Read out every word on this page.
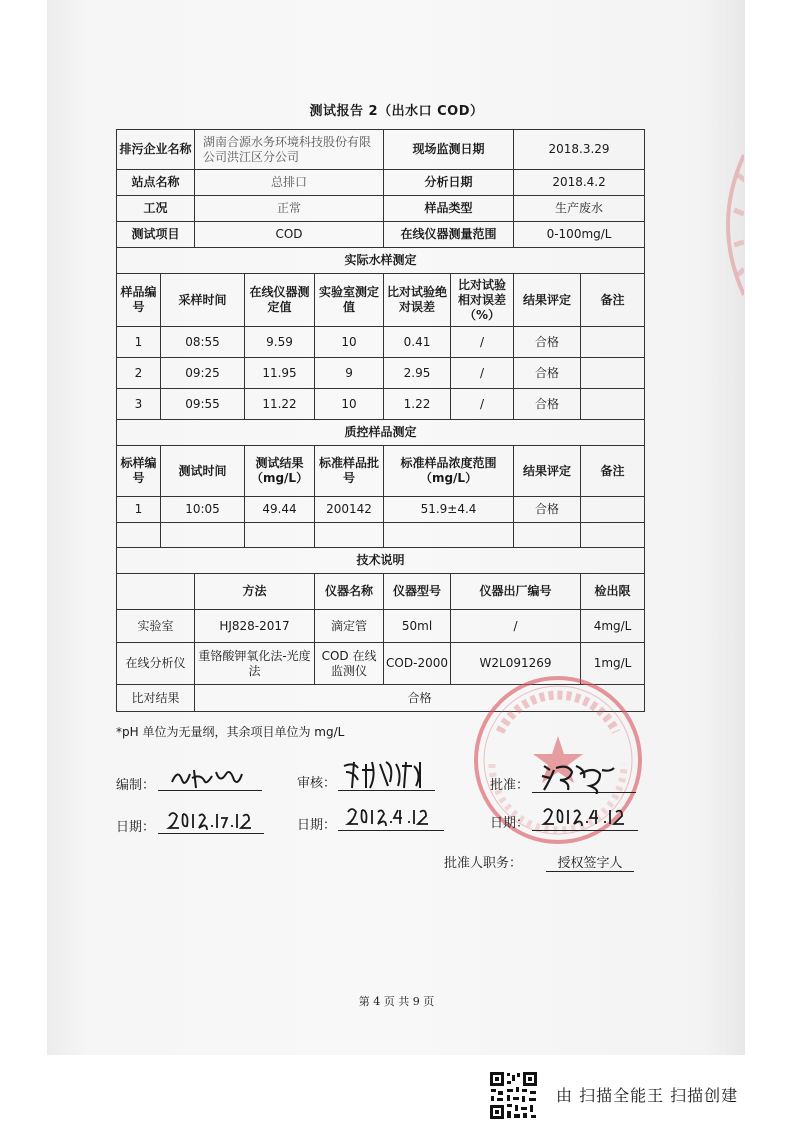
测试报告 2（出水口 COD）
排污企业名称		湖南合源水务环境科技股份有限公司洪江区分公司			现场监测日期		2018.3.29	
站点名称		总排口			分析日期		2018.4.2	
工况		正常			样品类型		生产废水	
测试项目		COD			在线仪器测量范围		0-100mg/L	
实际水样测定								
样品编号	采样时间		在线仪器测定值	实验室测定值	比对试验绝对误差	比对试验相对误差（%）	结果评定	备注
1	08:55		9.59	10	0.41	/	合格	
2	09:25		11.95	9	2.95	/	合格	
3	09:55		11.22	10	1.22	/	合格	
质控样品测定								
标样编号	测试时间		测试结果（mg/L）	标准样品批号	标准样品浓度范围（mg/L）		结果评定	备注
1	10:05		49.44	200142	51.9±4.4		合格	

技术说明								
		方法		仪器名称	仪器型号	仪器出厂编号		检出限
实验室		HJ828-2017		滴定管	50ml	/		4mg/L
在线分析仪		重铬酸钾氧化法-光度法		COD 在线监测仪	COD-2000	W2L091269		1mg/L
比对结果		合格						
*pH 单位为无量纲，其余项目单位为 mg/L
编制：	审核：	批准：
日期：	日期：	日期：
批准人职务：	授权签字人
第 4 页 共 9 页
由 扫描全能王 扫描创建
